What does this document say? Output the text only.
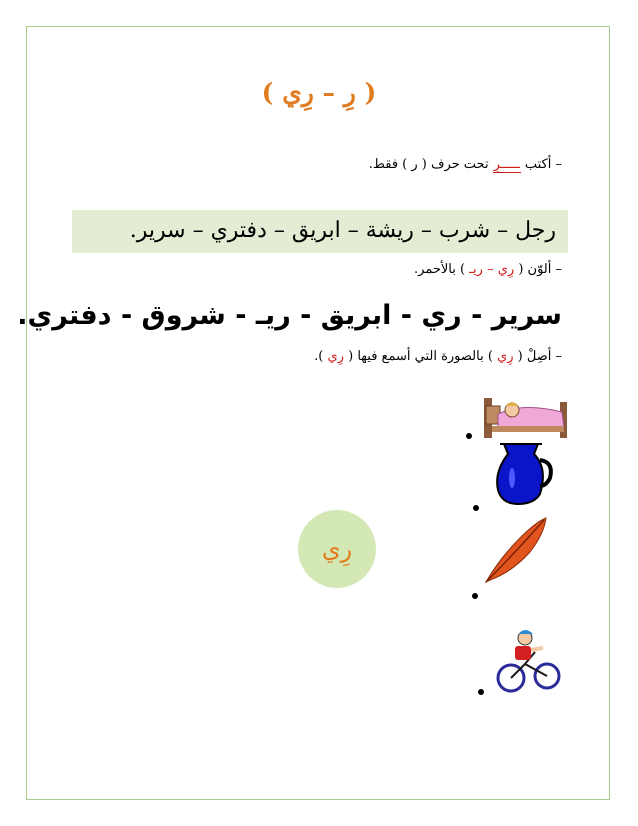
( رِ – رِي )
– أكتب ـــــرِ تحت حرف ( ر ) فقط.
رجل – شرب – ريشة – ابريق – دفتري – سرير.
– ألوّن ( رِي – ريـ ) بالأحمر.
سرير - ري - ابريق - ريـ - شروق - دفتري.
– أصِلْ ( رِي ) بالصورة التي أسمع فيها ( رِي ).
رِي
